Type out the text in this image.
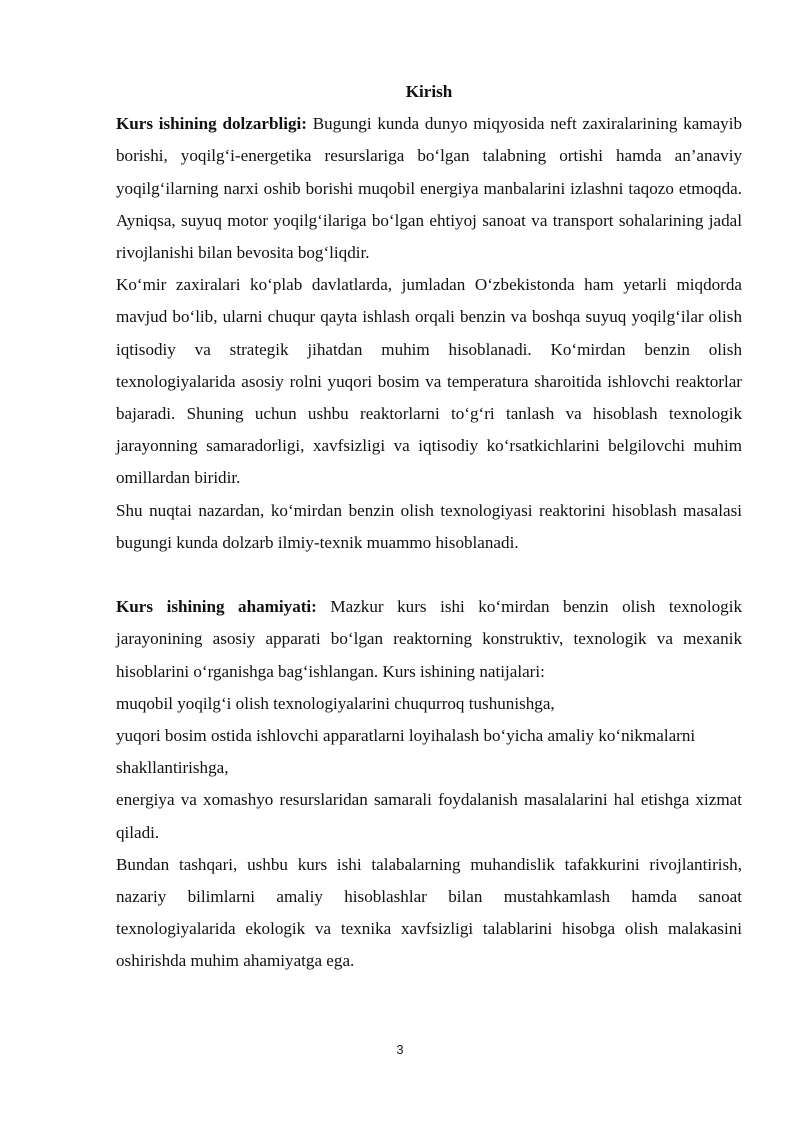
Kirish

Kurs ishining dolzarbligi: Bugungi kunda dunyo miqyosida neft zaxiralarining kamayib borishi, yoqilg‘i-energetika resurslariga bo‘lgan talabning ortishi hamda an’anaviy yoqilg‘ilarning narxi oshib borishi muqobil energiya manbalarini izlashni taqozo etmoqda. Ayniqsa, suyuq motor yoqilg‘ilariga bo‘lgan ehtiyoj sanoat va transport sohalarining jadal rivojlanishi bilan bevosita bog‘liqdir.

Ko‘mir zaxiralari ko‘plab davlatlarda, jumladan O‘zbekistonda ham yetarli miqdorda mavjud bo‘lib, ularni chuqur qayta ishlash orqali benzin va boshqa suyuq yoqilg‘ilar olish iqtisodiy va strategik jihatdan muhim hisoblanadi. Ko‘mirdan benzin olish texnologiyalarida asosiy rolni yuqori bosim va temperatura sharoitida ishlovchi reaktorlar bajaradi. Shuning uchun ushbu reaktorlarni to‘g‘ri tanlash va hisoblash texnologik jarayonning samaradorligi, xavfsizligi va iqtisodiy ko‘rsatkichlarini belgilovchi muhim omillardan biridir.

Shu nuqtai nazardan, ko‘mirdan benzin olish texnologiyasi reaktorini hisoblash masalasi bugungi kunda dolzarb ilmiy-texnik muammo hisoblanadi.

Kurs ishining ahamiyati: Mazkur kurs ishi ko‘mirdan benzin olish texnologik jarayonining asosiy apparati bo‘lgan reaktorning konstruktiv, texnologik va mexanik hisoblarini o‘rganishga bag‘ishlangan. Kurs ishining natijalari:

muqobil yoqilg‘i olish texnologiyalarini chuqurroq tushunishga,

yuqori bosim ostida ishlovchi apparatlarni loyihalash bo‘yicha amaliy ko‘nikmalarni shakllantirishga,

energiya va xomashyo resurslaridan samarali foydalanish masalalarini hal etishga xizmat qiladi.

Bundan tashqari, ushbu kurs ishi talabalarning muhandislik tafakkurini rivojlantirish, nazariy bilimlarni amaliy hisoblashlar bilan mustahkamlash hamda sanoat texnologiyalarida ekologik va texnika xavfsizligi talablarini hisobga olish malakasini oshirishda muhim ahamiyatga ega.

3
